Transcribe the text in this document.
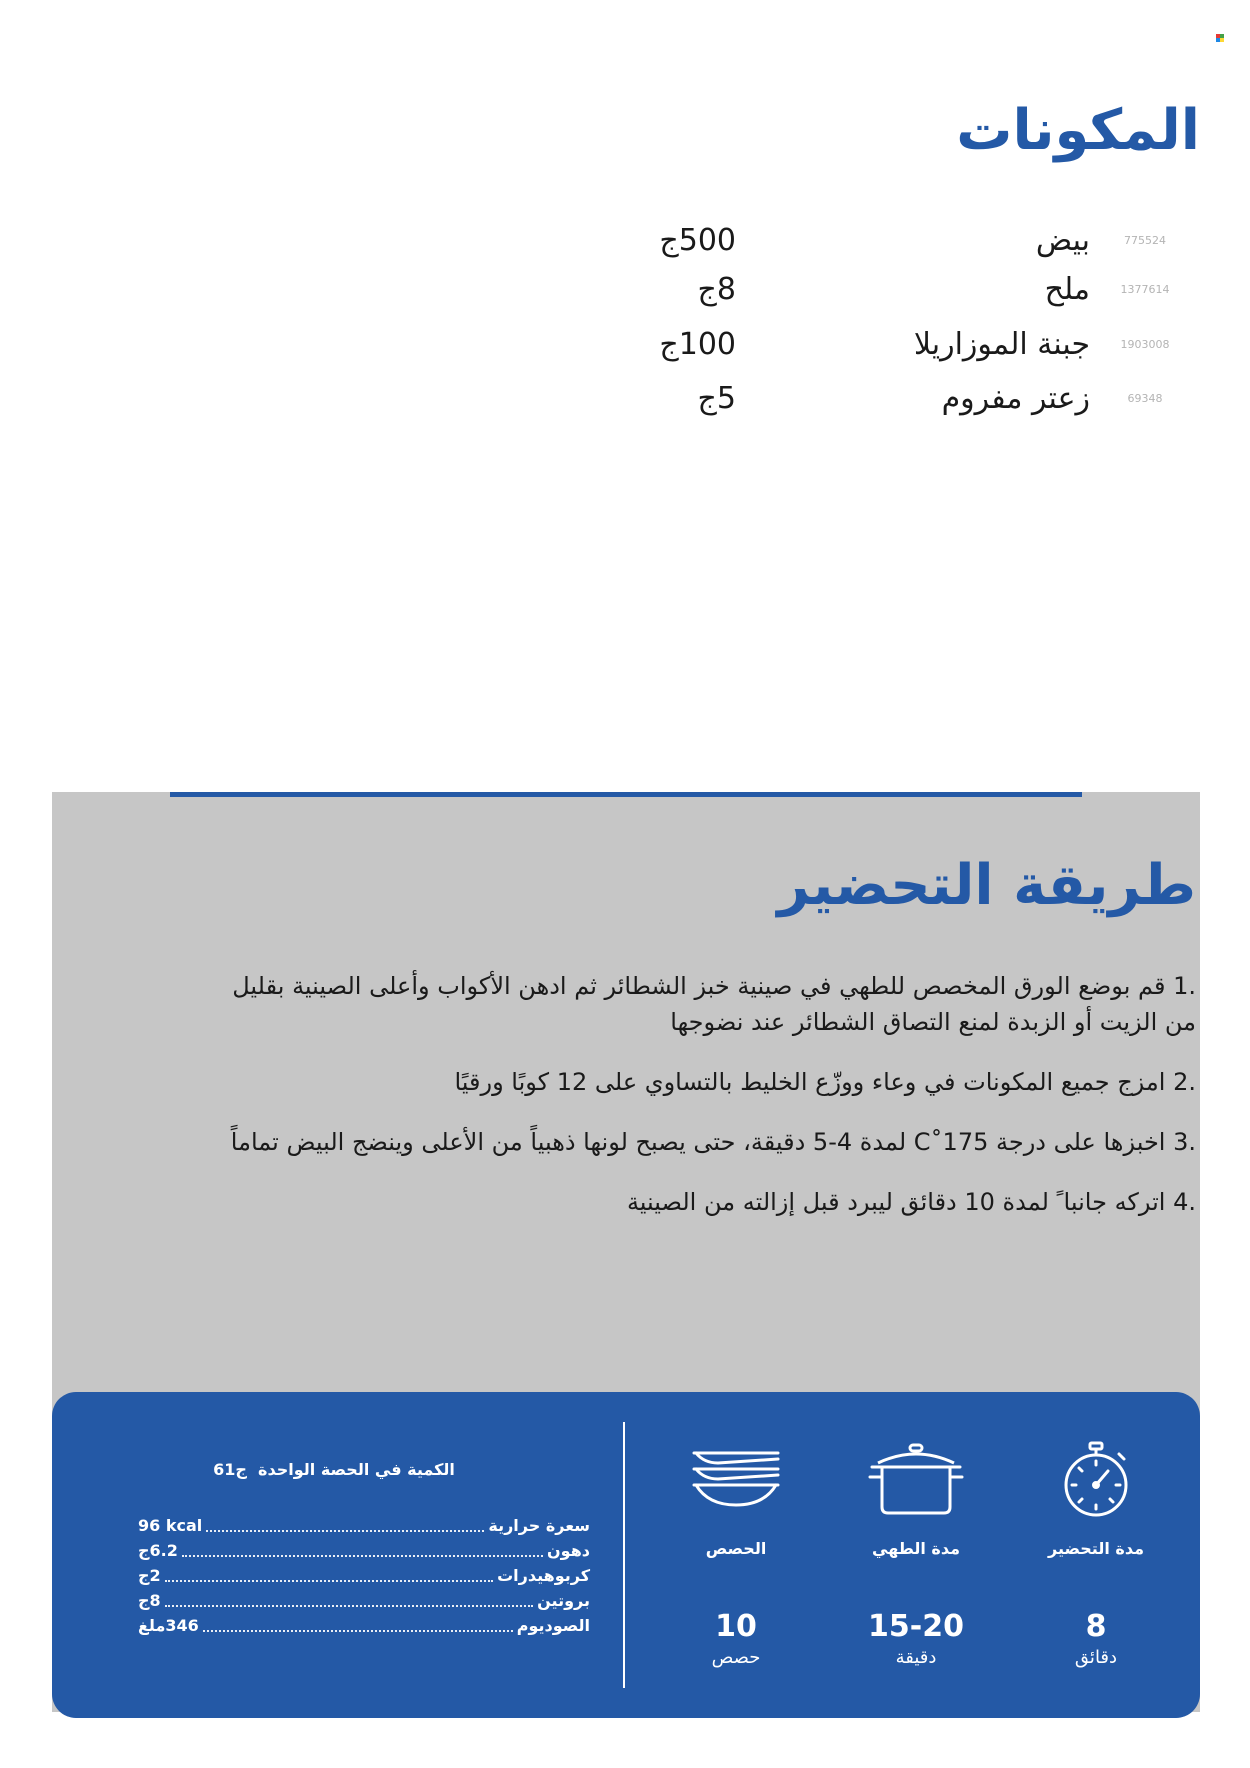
المكونات
775524
بيض
500ج
1377614
ملح
8ج
1903008
جبنة الموزاريلا
100ج
69348
زعتر مفروم
5ج
طريقة التحضير

1. قم بوضع الورق المخصص للطهي في صينية خبز الشطائر ثم ادهن الأكواب وأعلى الصينية بقليل من الزيت أو الزبدة لمنع التصاق الشطائر عند نضوجها

2. امزج جميع المكونات في وعاء ووزّع الخليط بالتساوي على 12 كوبًا ورقيًا

3. اخبزها على درجة 175˚C لمدة 4-5 دقيقة، حتى يصبح لونها ذهبياً من الأعلى وينضج البيض تماماً

4. اتركه جانبا ً لمدة 10 دقائق ليبرد قبل إزالته من الصينية

مدة التحضير
8
دقائق
مدة الطهي
15-20
دقيقة
الحصص
10
حصص
الكمية في الحصة الواحدة  61ج
سعرة حرارية
96 kcal
دهون
6.2ج
كربوهيدرات
2ج
بروتين
8ج
الصوديوم
346ملغ
